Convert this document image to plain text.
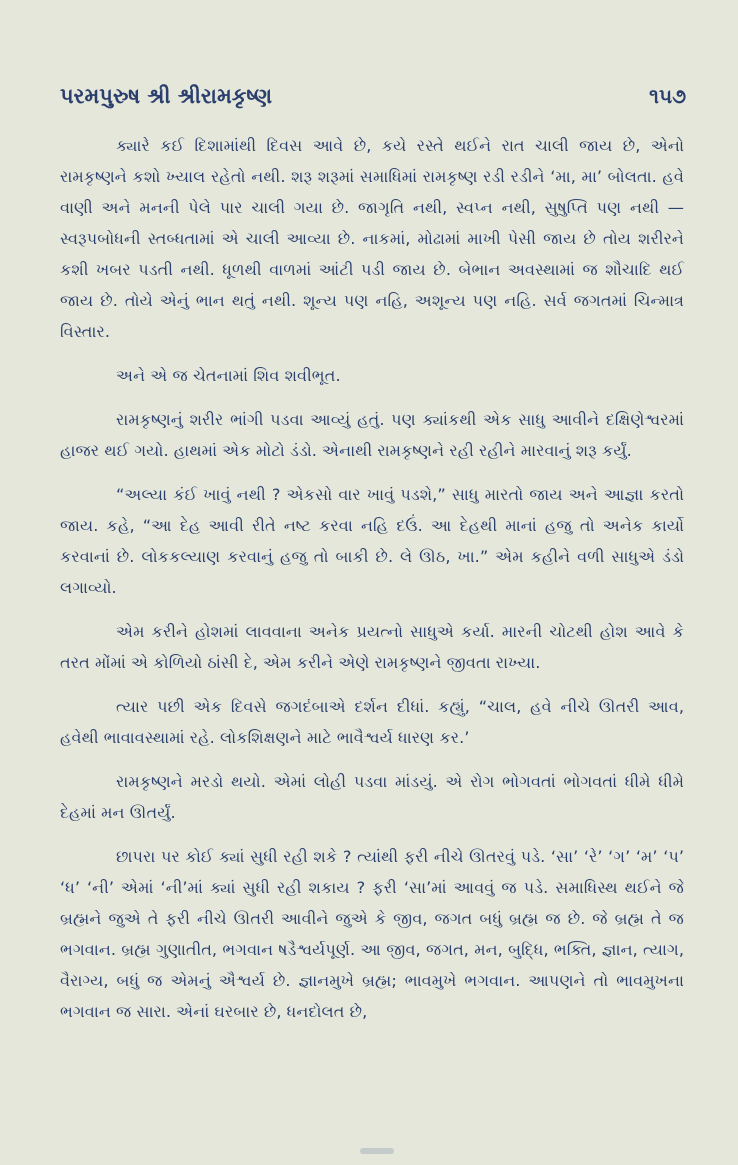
પરમપુરુષ શ્રી શ્રીરામકૃષ્ણ	૧૫૭

ક્યારે કઈ દિશામાંથી દિવસ આવે છે, કયે રસ્તે થઈને રાત ચાલી જાય છે, એનો રામકૃષ્ણને કશો ખ્યાલ રહેતો નથી. શરૂ શરૂમાં સમાધિમાં રામકૃષ્ણ રડી રડીને ‘મા, મા’ બોલતા. હવે વાણી અને મનની પેલે પાર ચાલી ગયા છે. જાગૃતિ નથી, સ્વપ્ન નથી, સુષુપ્તિ પણ નથી — સ્વરૂપબોધની સ્તબ્ધતામાં એ ચાલી આવ્યા છે. નાકમાં, મોઢામાં માખી પેસી જાય છે તોય શરીરને કશી ખબર પડતી નથી. ધૂળથી વાળમાં આંટી પડી જાય છે. બેભાન અવસ્થામાં જ શૌચાદિ થઈ જાય છે. તોયે એનું ભાન થતું નથી. શૂન્ય પણ નહિ, અશૂન્ય પણ નહિ. સર્વ જગતમાં ચિન્માત્ર વિસ્તાર.

અને એ જ ચેતનામાં શિવ શવીભૂત.

રામકૃષ્ણનું શરીર ભાંગી પડવા આવ્યું હતું. પણ ક્યાંકથી એક સાધુ આવીને દક્ષિણેશ્વરમાં હાજર થઈ ગયો. હાથમાં એક મોટો ડંડો. એનાથી રામકૃષ્ણને રહી રહીને મારવાનું શરૂ કર્યું.

“અલ્યા કંઈ ખાવું નથી ? એકસો વાર ખાવું પડશે,” સાધુ મારતો જાય અને આજ્ઞા કરતો જાય. કહે, “આ દેહ આવી રીતે નષ્ટ કરવા નહિ દઉં. આ દેહથી માનાં હજુ તો અનેક કાર્યો કરવાનાં છે. લોકકલ્યાણ કરવાનું હજુ તો બાકી છે. લે ઊઠ, ખા.” એમ કહીને વળી સાધુએ ડંડો લગાવ્યો.

એમ કરીને હોશમાં લાવવાના અનેક પ્રયત્નો સાધુએ કર્યા. મારની ચોટથી હોશ આવે કે તરત મોંમાં એ કોળિયો ઠાંસી દે, એમ કરીને એણે રામકૃષ્ણને જીવતા રાખ્યા.

ત્યાર પછી એક દિવસે જગદંબાએ દર્શન દીધાં. કહ્યું, “ચાલ, હવે નીચે ઊતરી આવ, હવેથી ભાવાવસ્થામાં રહે. લોકશિક્ષણને માટે ભાવૈશ્વર્ય ધારણ કર.’

રામકૃષ્ણને મરડો થયો. એમાં લોહી પડવા માંડયું. એ રોગ ભોગવતાં ભોગવતાં ધીમે ધીમે દેહમાં મન ઊતર્યું.

છાપરા પર કોઈ ક્યાં સુધી રહી શકે ? ત્યાંથી ફરી નીચે ઊતરવું પડે. ‘સા’ ‘રે’ ‘ગ’ ‘મ’ ‘પ’ ‘ધ’ ‘ની’ એમાં ‘ની’માં ક્યાં સુધી રહી શકાય ? ફરી ‘સા’માં આવવું જ પડે. સમાધિસ્થ થઈને જે બ્રહ્મને જુએ તે ફરી નીચે ઊતરી આવીને જુએ કે જીવ, જગત બધું બ્રહ્મ જ છે. જે બ્રહ્મ તે જ ભગવાન. બ્રહ્મ ગુણાતીત, ભગવાન ષડૈશ્વર્યપૂર્ણ. આ જીવ, જગત, મન, બુદ્ધિ, ભક્તિ, જ્ઞાન, ત્યાગ, વૈરાગ્ય, બધું જ એમનું ઐશ્વર્ય છે. જ્ઞાનમુખે બ્રહ્મ; ભાવમુખે ભગવાન. આપણને તો ભાવમુખના ભગવાન જ સારા. એનાં ઘરબાર છે, ધનદોલત છે,
